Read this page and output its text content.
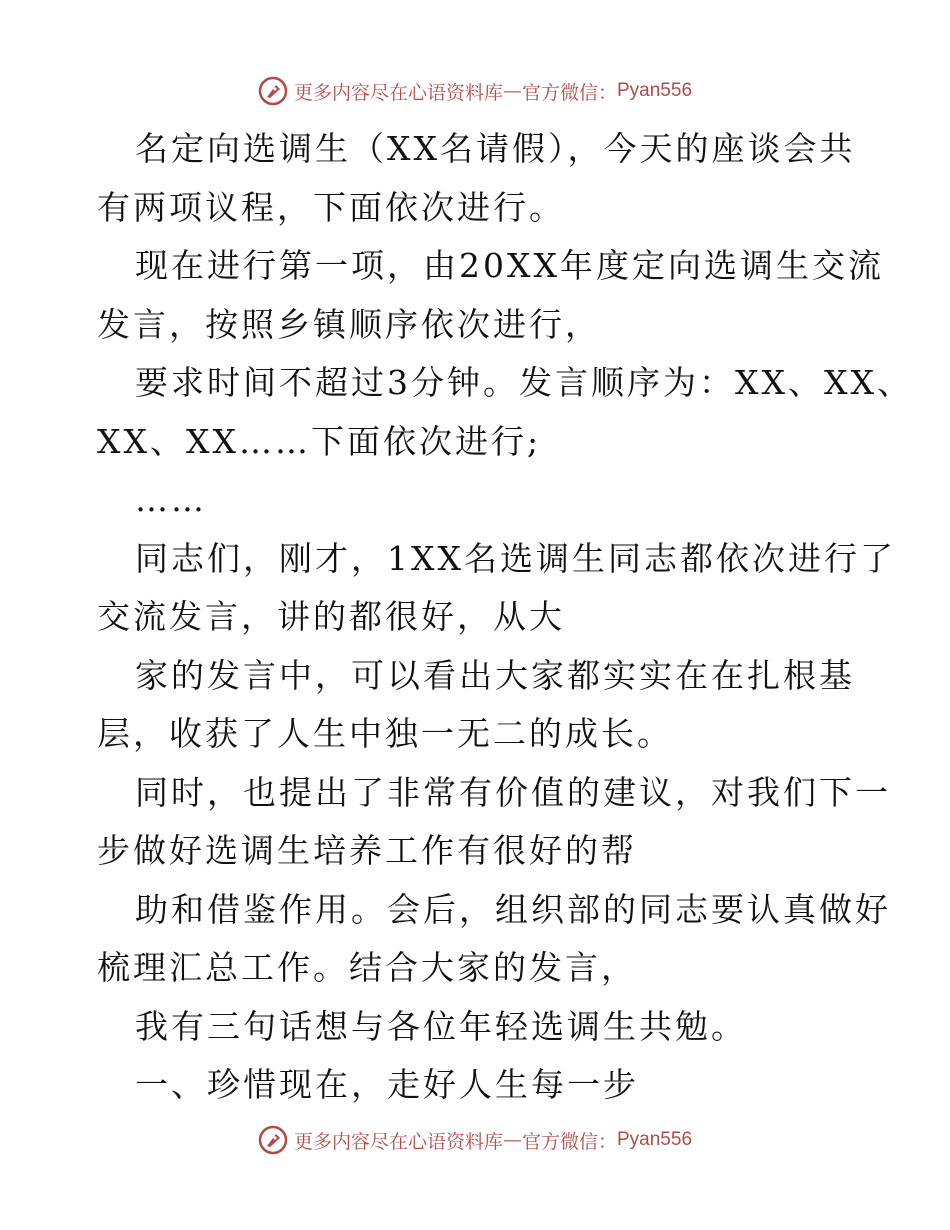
更多内容尽在心语资料库 — 官方微信： Pyan556
名定向选调生（XX名请假），今天的座谈会共
有两项议程，下面依次进行。
现在进行第一项，由20XX年度定向选调生交流
发言，按照乡镇顺序依次进行，
要求时间不超过3分钟。发言顺序为：XX、XX、
XX、XX……下面依次进行;
……
同志们，刚才，1XX名选调生同志都依次进行了
交流发言，讲的都很好，从大
家的发言中，可以看出大家都实实在在扎根基
层，收获了人生中独一无二的成长。
同时，也提出了非常有价值的建议，对我们下一
步做好选调生培养工作有很好的帮
助和借鉴作用。会后，组织部的同志要认真做好
梳理汇总工作。结合大家的发言，
我有三句话想与各位年轻选调生共勉。
一、珍惜现在，走好人生每一步
更多内容尽在心语资料库 — 官方微信： Pyan556
